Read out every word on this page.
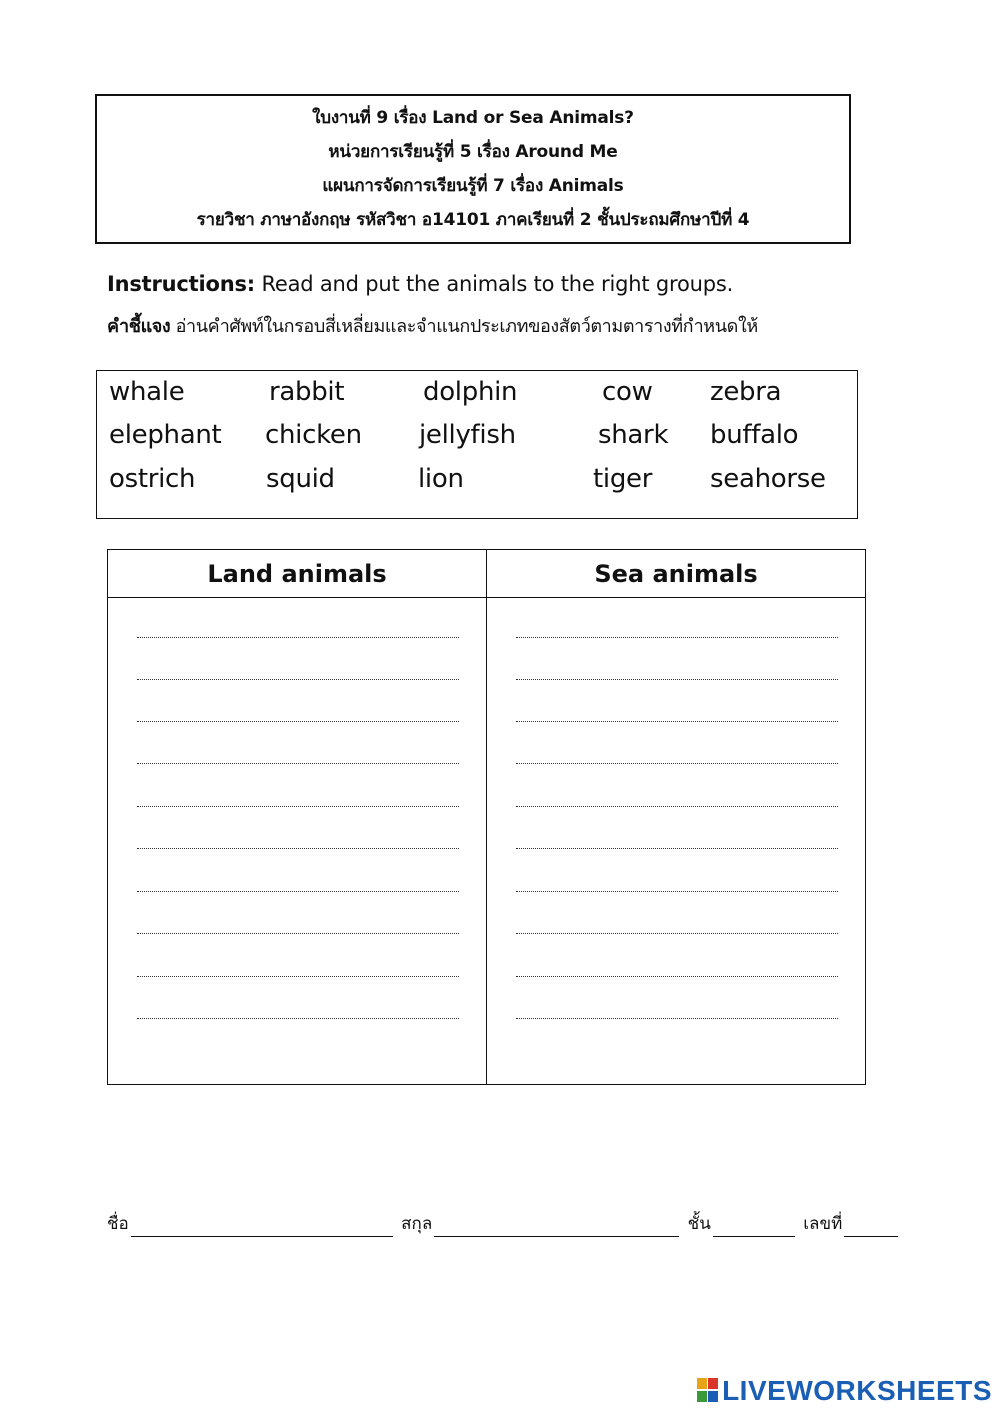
ใบงานที่ 9 เรื่อง Land or Sea Animals?
หน่วยการเรียนรู้ที่ 5 เรื่อง Around Me
แผนการจัดการเรียนรู้ที่ 7 เรื่อง Animals
รายวิชา ภาษาอังกฤษ รหัสวิชา อ14101 ภาคเรียนที่ 2 ชั้นประถมศึกษาปีที่ 4
Instructions: Read and put the animals to the right groups.
คำชี้แจง อ่านคำศัพท์ในกรอบสี่เหลี่ยมและจำแนกประเภทของสัตว์ตามตารางที่กำหนดให้
whale	rabbit	dolphin	cow zebra
elephant chicken jellyfish	shark buffalo
ostrich	squid	lion	tiger seahorse
Land animals	Sea animals
ชื่อ	สกุล	ชั้น	เลขที่
LIVEWORKSHEETS
